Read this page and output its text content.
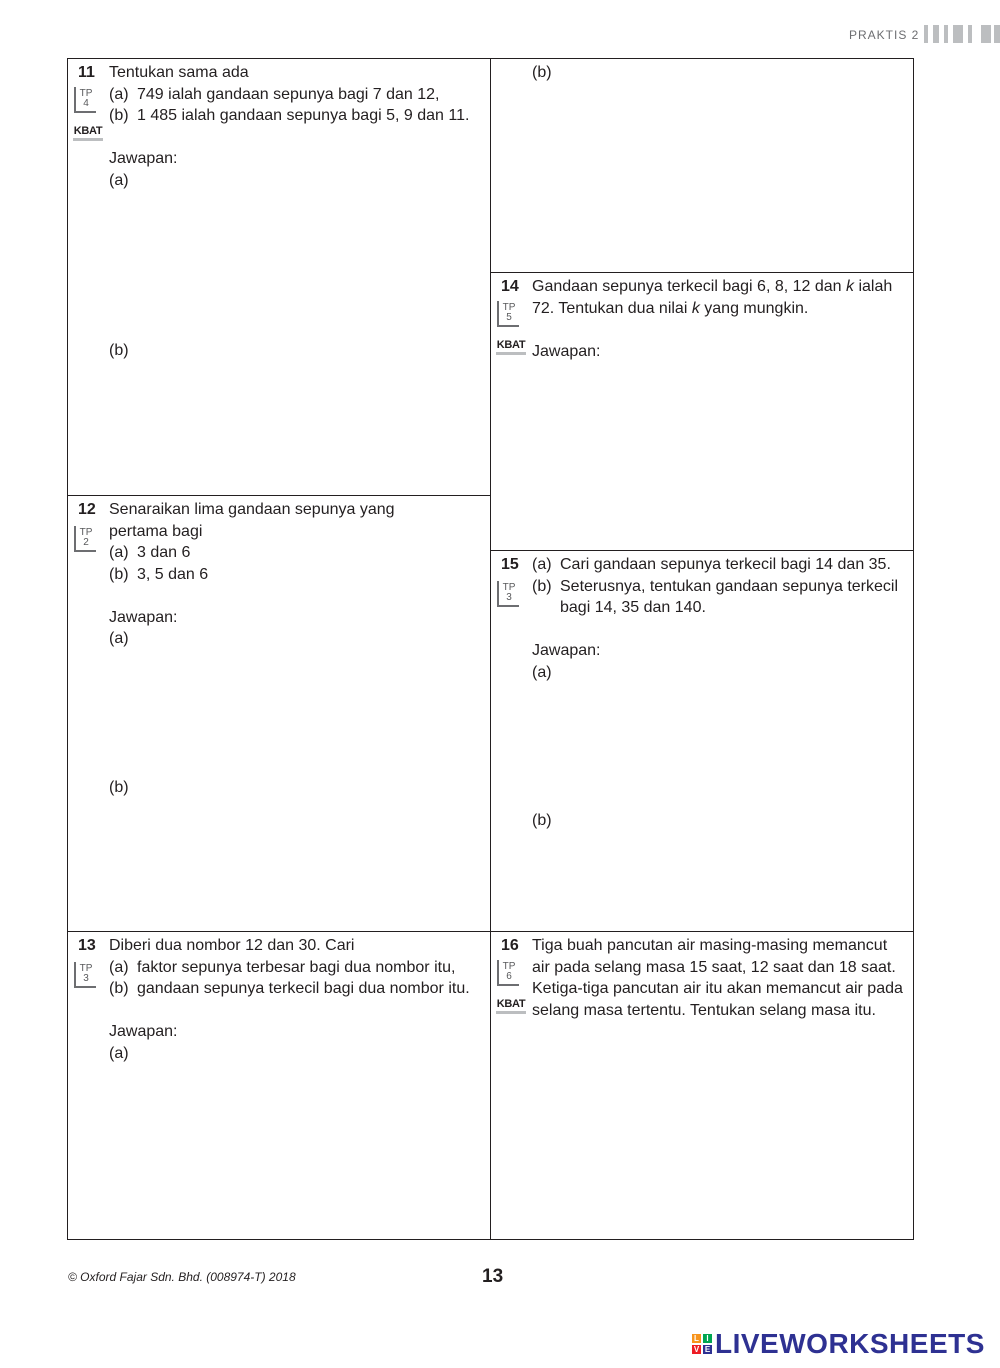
PRAKTIS 2
11
TP
4
KBAT

Tentukan sama ada

(a) 749 ialah gandaan sepunya bagi 7 dan 12,
(b) 1 485 ialah gandaan sepunya bagi 5, 9 dan 11.

Jawapan:

(a)

(b)
(b)
12
TP
2

Senaraikan lima gandaan sepunya yang pertama bagi

(a) 3 dan 6
(b) 3, 5 dan 6

Jawapan:

(a)

(b)
14
TP
5
KBAT

Gandaan sepunya terkecil bagi 6, 8, 12 dan k ialah 72. Tentukan dua nilai k yang mungkin.

Jawapan:

15
TP
3
(a) Cari gandaan sepunya terkecil bagi 14 dan 35.
(b) Seterusnya, tentukan gandaan sepunya terkecil bagi 14, 35 dan 140.

Jawapan:

(a)

(b)
13
TP
3

Diberi dua nombor 12 dan 30. Cari

(a) faktor sepunya terbesar bagi dua nombor itu,
(b) gandaan sepunya terkecil bagi dua nombor itu.

Jawapan:

(a)

16
TP
6
KBAT

Tiga buah pancutan air masing-masing memancut air pada selang masa 15 saat, 12 saat dan 18 saat. Ketiga-tiga pancutan air itu akan memancut air pada selang masa tertentu. Tentukan selang masa itu.

© Oxford Fajar Sdn. Bhd. (008974-T) 2018	13
L I
V E LIVEWORKSHEETS
